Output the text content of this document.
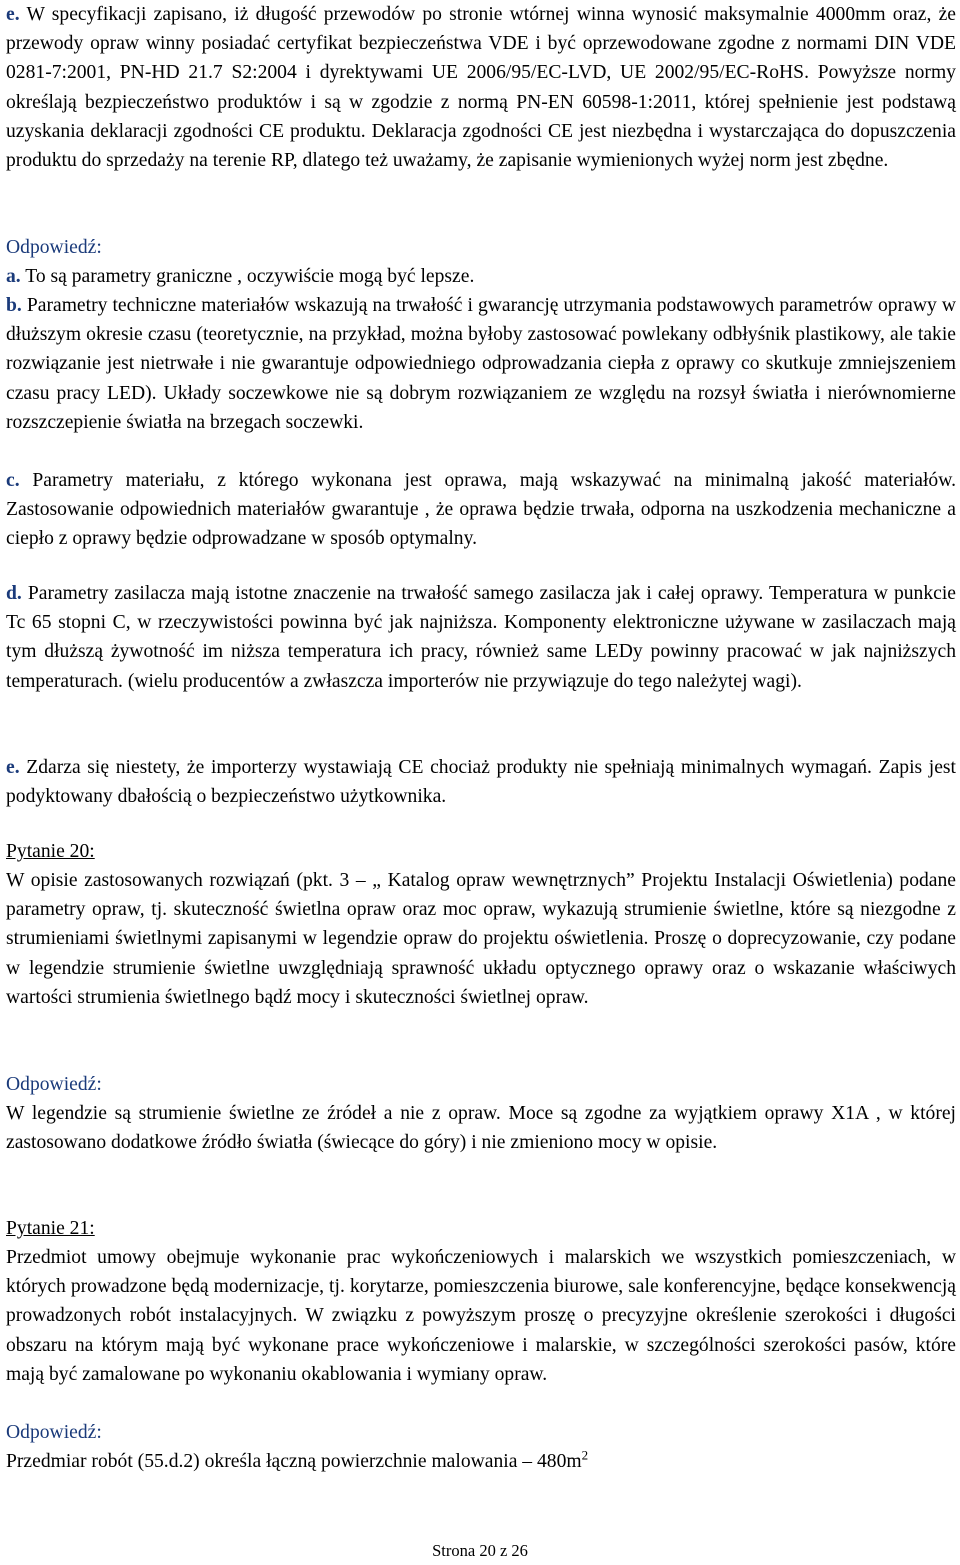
e. W specyfikacji zapisano, iż długość przewodów po stronie wtórnej winna wynosić maksymalnie 4000mm oraz, że przewody opraw winny posiadać certyfikat bezpieczeństwa VDE i być oprzewodowane zgodne z normami DIN VDE 0281-7:2001, PN-HD 21.7 S2:2004 i dyrektywami UE 2006/95/EC-LVD, UE 2002/95/EC-RoHS. Powyższe normy określają bezpieczeństwo produktów i są w zgodzie z normą PN-EN 60598-1:2011, której spełnienie jest podstawą uzyskania deklaracji zgodności CE produktu. Deklaracja zgodności CE jest niezbędna i wystarczająca do dopuszczenia produktu do sprzedaży na terenie RP, dlatego też uważamy, że zapisanie wymienionych wyżej norm jest zbędne.
Odpowiedź:
a. To są parametry graniczne , oczywiście mogą być lepsze.
b. Parametry techniczne materiałów wskazują na trwałość i gwarancję utrzymania podstawowych parametrów oprawy w dłuższym okresie czasu (teoretycznie, na przykład, można byłoby zastosować powlekany odbłyśnik plastikowy, ale takie rozwiązanie jest nietrwałe i nie gwarantuje odpowiedniego odprowadzania ciepła z oprawy co skutkuje zmniejszeniem czasu pracy LED). Układy soczewkowe nie są dobrym rozwiązaniem ze względu na rozsył światła i nierównomierne rozszczepienie światła na brzegach soczewki.
c. Parametry materiału, z którego wykonana jest oprawa, mają wskazywać na minimalną jakość materiałów. Zastosowanie odpowiednich materiałów gwarantuje , że oprawa będzie trwała, odporna na uszkodzenia mechaniczne a ciepło z oprawy będzie odprowadzane w sposób optymalny.
d. Parametry zasilacza mają istotne znaczenie na trwałość samego zasilacza jak i całej oprawy. Temperatura w punkcie Tc 65 stopni C, w rzeczywistości powinna być jak najniższa. Komponenty elektroniczne używane w zasilaczach mają tym dłuższą żywotność im niższa temperatura ich pracy, również same LEDy powinny pracować w jak najniższych temperaturach. (wielu producentów a zwłaszcza importerów nie przywiązuje do tego należytej wagi).
e. Zdarza się niestety, że importerzy wystawiają CE chociaż produkty nie spełniają minimalnych wymagań. Zapis jest podyktowany dbałością o bezpieczeństwo użytkownika.
Pytanie 20:
W opisie zastosowanych rozwiązań (pkt. 3 – „ Katalog opraw wewnętrznych” Projektu Instalacji Oświetlenia) podane parametry opraw, tj. skuteczność świetlna opraw oraz moc opraw, wykazują strumienie świetlne, które są niezgodne z strumieniami świetlnymi zapisanymi w legendzie opraw do projektu oświetlenia. Proszę o doprecyzowanie, czy podane w legendzie strumienie świetlne uwzględniają sprawność układu optycznego oprawy oraz o wskazanie właściwych wartości strumienia świetlnego bądź mocy i skuteczności świetlnej opraw.
Odpowiedź:
W legendzie są strumienie świetlne ze źródeł a nie z opraw. Moce są zgodne za wyjątkiem oprawy X1A , w której zastosowano dodatkowe źródło światła (świecące do góry) i nie zmieniono mocy w opisie.
Pytanie 21:
Przedmiot umowy obejmuje wykonanie prac wykończeniowych i malarskich we wszystkich pomieszczeniach, w których prowadzone będą modernizacje, tj. korytarze, pomieszczenia biurowe, sale konferencyjne, będące konsekwencją prowadzonych robót instalacyjnych. W związku z powyższym proszę o precyzyjne określenie szerokości i długości obszaru na którym mają być wykonane prace wykończeniowe i malarskie, w szczególności szerokości pasów, które mają być zamalowane po wykonaniu okablowania i wymiany opraw.
Odpowiedź:
Przedmiar robót (55.d.2) określa łączną powierzchnie malowania – $480m^2$
Strona 20 z 26
